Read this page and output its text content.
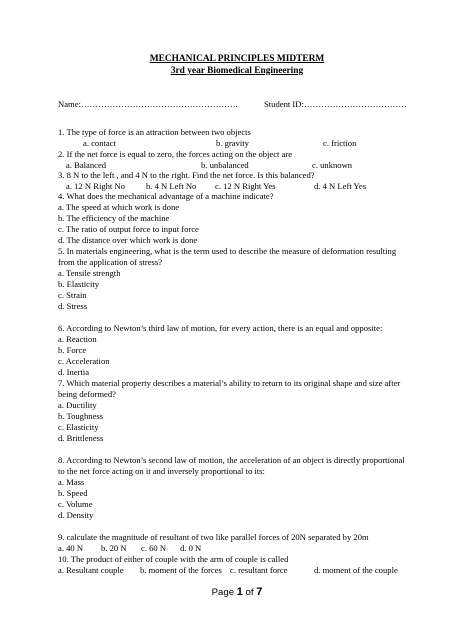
MECHANICAL PRINCIPLES MIDTERM
3rd year Biomedical Engineering
Name:……………………………………………….	Student ID:………………………………
1. The type of force is an attraction between two objects
a. contact	b. gravity	c. friction
2. If the net force is equal to zero, the forces acting on the object are
a. Balanced	b. unbalanced	c. unknown
3. 8 N to the left , and 4 N to the right. Find the net force. Is this balanced?
a. 12 N Right No b. 4 N Left No c. 12 N Right Yes	d. 4 N Left Yes
4. What does the mechanical advantage of a machine indicate?
a. The speed at which work is done
b. The efficiency of the machine
c. The ratio of output force to input force
d. The distance over which work is done
5. In materials engineering, what is the term used to describe the measure of deformation resulting
from the application of stress?
a. Tensile strength
b. Elasticity
c. Strain
d. Stress
6. According to Newton’s third law of motion, for every action, there is an equal and opposite:
a. Reaction
b. Force
c. Acceleration
d. Inertia
7. Which material property describes a material’s ability to return to its original shape and size after
being deformed?
a. Ductility
b. Toughness
c. Elasticity
d. Brittleness
8. According to Newton’s second law of motion, the acceleration of an object is directly proportional
to the net force acting on it and inversely proportional to its:
a. Mass
b. Speed
c. Volume
d. Density
9. calculate the magnitude of resultant of two like parallel forces of 20N separated by 20m
a. 40 N b. 20 N c. 60 N d. 0 N
10. The product of either of couple with the arm of couple is called
a. Resultant couple b. moment of the forces c. resultant force	d. moment of the couple
Page 1 of 7
